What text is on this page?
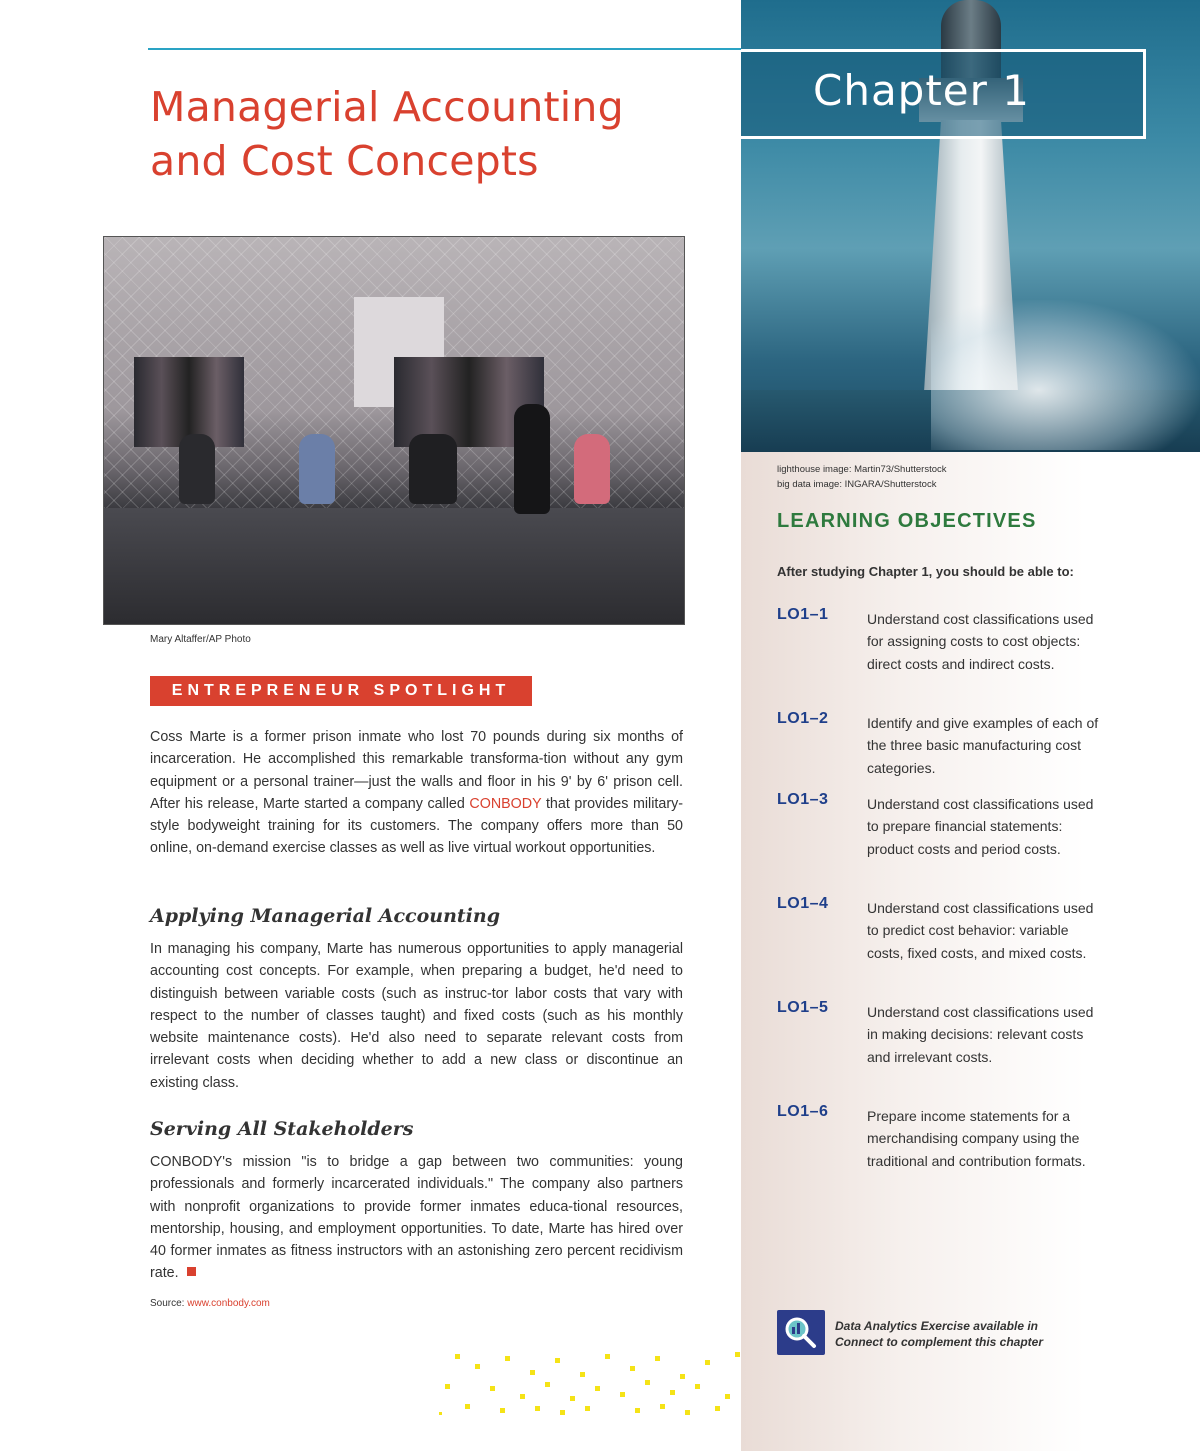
Managerial Accounting and Cost Concepts
Mary Altaffer/AP Photo
ENTREPRENEUR SPOTLIGHT
Coss Marte is a former prison inmate who lost 70 pounds during six months of incarceration. He accomplished this remarkable transforma-tion without any gym equipment or a personal trainer—just the walls and floor in his 9' by 6' prison cell. After his release, Marte started a company called CONBODY that provides military-style bodyweight training for its customers. The company offers more than 50 online, on-demand exercise classes as well as live virtual workout opportunities.
Applying Managerial Accounting
In managing his company, Marte has numerous opportunities to apply managerial accounting cost concepts. For example, when preparing a budget, he'd need to distinguish between variable costs (such as instruc-tor labor costs that vary with respect to the number of classes taught) and fixed costs (such as his monthly website maintenance costs). He'd also need to separate relevant costs from irrelevant costs when deciding whether to add a new class or discontinue an existing class.
Serving All Stakeholders
CONBODY's mission "is to bridge a gap between two communities: young professionals and formerly incarcerated individuals." The company also partners with nonprofit organizations to provide former inmates educa-tional resources, mentorship, housing, and employment opportunities. To date, Marte has hired over 40 former inmates as fitness instructors with an astonishing zero percent recidivism rate.
Source: www.conbody.com
Chapter 1
lighthouse image: Martin73/Shutterstock
big data image: INGARA/Shutterstock
LEARNING OBJECTIVES
After studying Chapter 1, you should be able to:
LO1–1	Understand cost classifications used for assigning costs to cost objects: direct costs and indirect costs.
LO1–2	Identify and give examples of each of the three basic manufacturing cost categories.
LO1–3	Understand cost classifications used to prepare financial statements: product costs and period costs.
LO1–4	Understand cost classifications used to predict cost behavior: variable costs, fixed costs, and mixed costs.
LO1–5	Understand cost classifications used in making decisions: relevant costs and irrelevant costs.
LO1–6	Prepare income statements for a merchandising company using the traditional and contribution formats.
Data Analytics Exercise available in
Connect to complement this chapter
